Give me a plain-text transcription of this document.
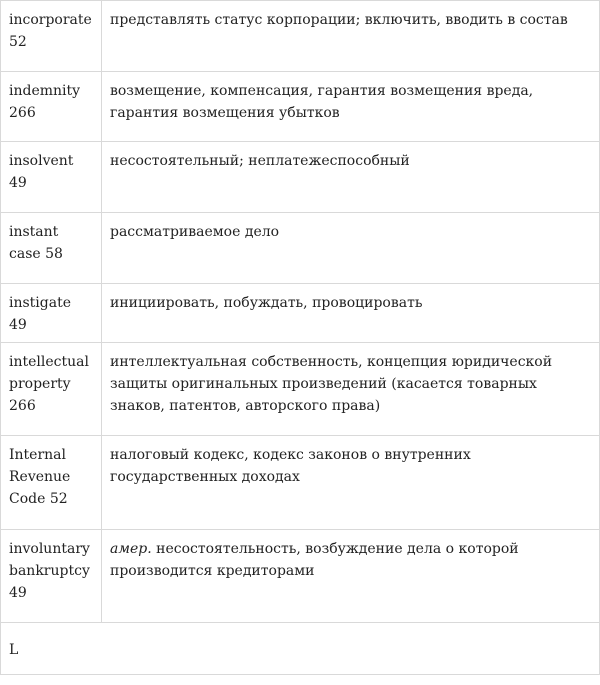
incorporate 52	представлять статус корпорации; включить, вводить в состав
indemnity 266	возмещение, компенсация, гарантия возмещения вреда, гарантия возмещения убытков
insolvent 49	несостоятельный; неплатежеспособный
instant case 58	рассматриваемое дело
instigate 49	инициировать, побуждать, провоцировать
intellectual property 266	интеллектуальная собственность, концепция юридической защиты оригинальных произведений (касается товарных знаков, патентов, авторского права)
Internal Revenue Code 52	налоговый кодекс, кодекс законов о внутренних государственных доходах
involuntary bankruptcy 49	амер. несостоятельность, возбуждение дела о которой производится кредиторами
L	
